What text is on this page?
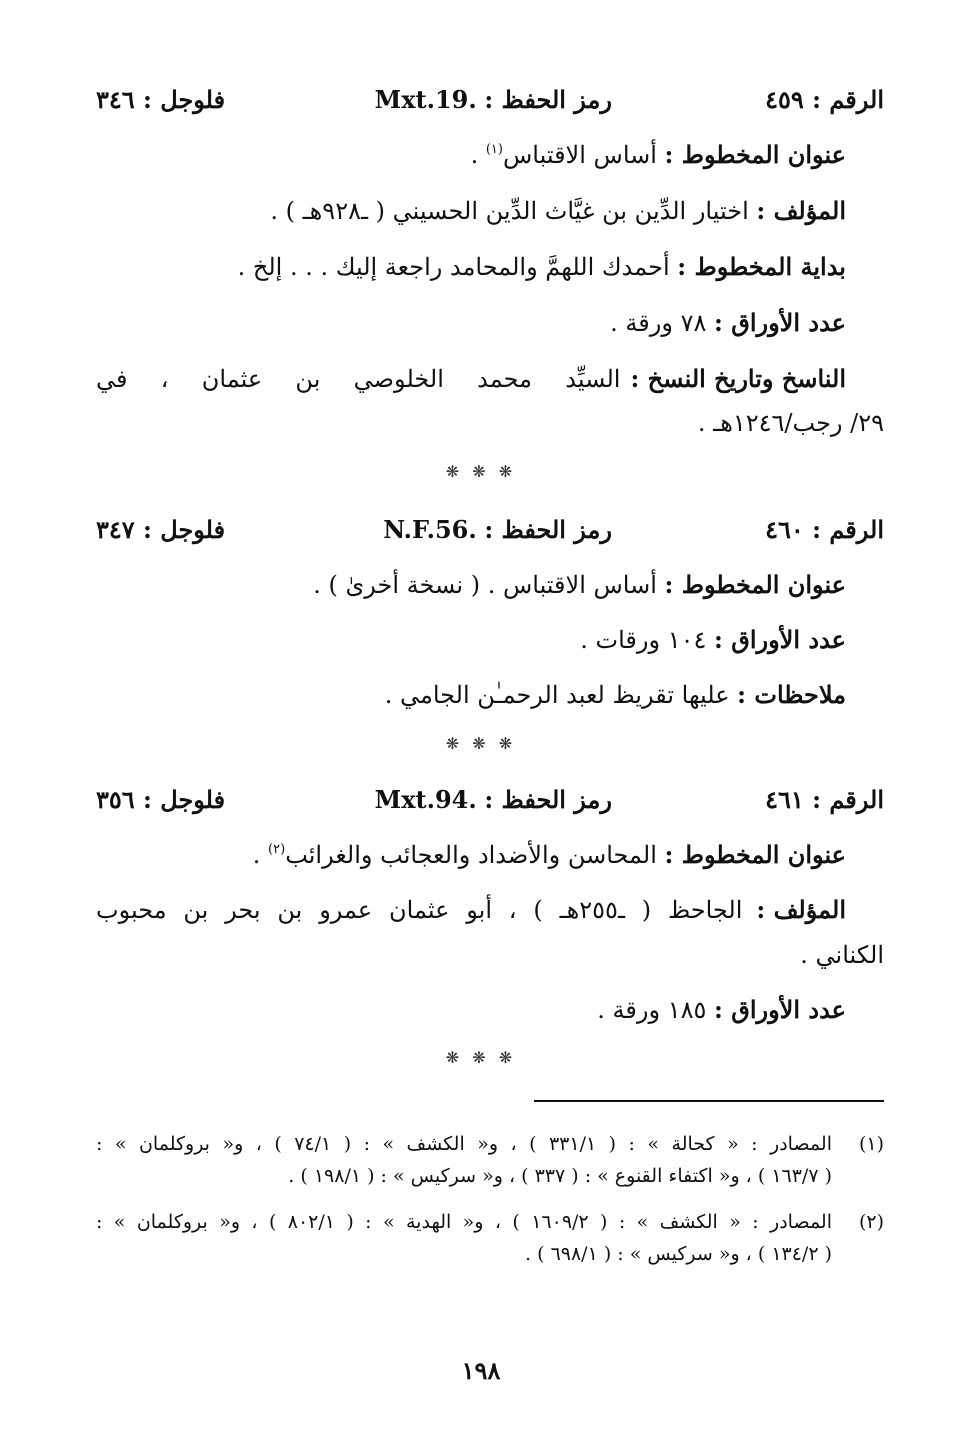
الرقم : ٤٥٩
رمز الحفظ : Mxt.19.
فلوجل : ٣٤٦
عنوان المخطوط : أساس الاقتباس$^{(١)}$ .
المؤلف : اختيار الدِّين بن غيَّاث الدِّين الحسيني ( ـ٩٢٨هـ ) .
بداية المخطوط : أحمدك اللهمَّ والمحامد راجعة إليك . . . إلخ .
عدد الأوراق : ٧٨ ورقة .
الناسخ وتاريخ النسخ :
السيِّد محمد الخلوصي بن عثمان ، في
٢٩/ رجب/١٢٤٦هـ .
❋ ❋ ❋
الرقم : ٤٦٠
رمز الحفظ : N.F.56.
فلوجل : ٣٤٧
عنوان المخطوط : أساس الاقتباس . ( نسخة أخرىٰ ) .
عدد الأوراق : ١٠٤ ورقات .
ملاحظات : عليها تقريظ لعبد الرحمـٰن الجامي .
❋ ❋ ❋
الرقم : ٤٦١
رمز الحفظ : Mxt.94.
فلوجل : ٣٥٦
عنوان المخطوط : المحاسن والأضداد والعجائب والغرائب$^{(٢)}$ .
المؤلف :
الجاحظ ( ـ٢٥٥هـ ) ، أبو عثمان عمرو بن بحر بن محبوب
الكناني .
عدد الأوراق : ١٨٥ ورقة .
❋ ❋ ❋
(١)
المصادر : « كحالة » : ( ٣٣١/١ ) ، و« الكشف » : ( ٧٤/١ ) ، و« بروكلمان » :
( ١٦٣/٧ ) ، و« اكتفاء القنوع » : ( ٣٣٧ ) ، و« سركيس » : ( ١٩٨/١ ) .
(٢)
المصادر : « الكشف » : ( ١٦٠٩/٢ ) ، و« الهدية » : ( ٨٠٢/١ ) ، و« بروكلمان » :
( ١٣٤/٢ ) ، و« سركيس » : ( ٦٩٨/١ ) .
١٩٨
